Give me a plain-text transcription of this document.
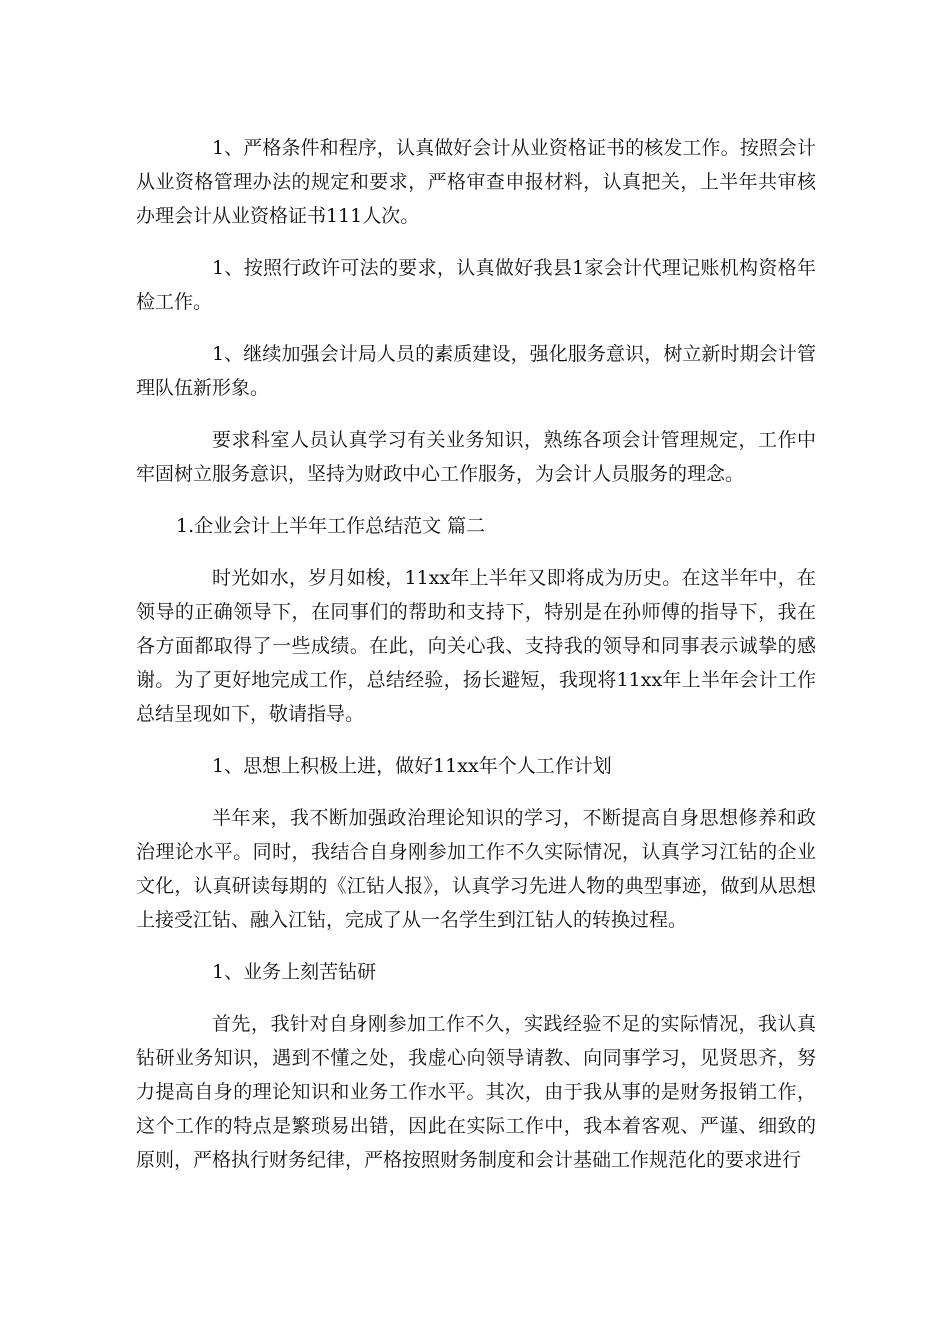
1、严格条件和程序，认真做好会计从业资格证书的核发工作。按照会计从业资格管理办法的规定和要求，严格审查申报材料，认真把关，上半年共审核办理会计从业资格证书111人次。

1、按照行政许可法的要求，认真做好我县1家会计代理记账机构资格年检工作。

1、继续加强会计局人员的素质建设，强化服务意识，树立新时期会计管理队伍新形象。

要求科室人员认真学习有关业务知识，熟练各项会计管理规定，工作中牢固树立服务意识，坚持为财政中心工作服务，为会计人员服务的理念。

1.企业会计上半年工作总结范文 篇二

时光如水，岁月如梭，11xx年上半年又即将成为历史。在这半年中，在领导的正确领导下，在同事们的帮助和支持下，特别是在孙师傅的指导下，我在各方面都取得了一些成绩。在此，向关心我、支持我的领导和同事表示诚挚的感谢。为了更好地完成工作，总结经验，扬长避短，我现将11xx年上半年会计工作总结呈现如下，敬请指导。

1、思想上积极上进，做好11xx年个人工作计划

半年来，我不断加强政治理论知识的学习，不断提高自身思想修养和政治理论水平。同时，我结合自身刚参加工作不久实际情况，认真学习江钻的企业文化，认真研读每期的《江钻人报》，认真学习先进人物的典型事迹，做到从思想上接受江钻、融入江钻，完成了从一名学生到江钻人的转换过程。

1、业务上刻苦钻研

首先，我针对自身刚参加工作不久，实践经验不足的实际情况，我认真钻研业务知识，遇到不懂之处，我虚心向领导请教、向同事学习，见贤思齐，努力提高自身的理论知识和业务工作水平。其次，由于我从事的是财务报销工作，这个工作的特点是繁琐易出错，因此在实际工作中，我本着客观、严谨、细致的原则，严格执行财务纪律，严格按照财务制度和会计基础工作规范化的要求进行
